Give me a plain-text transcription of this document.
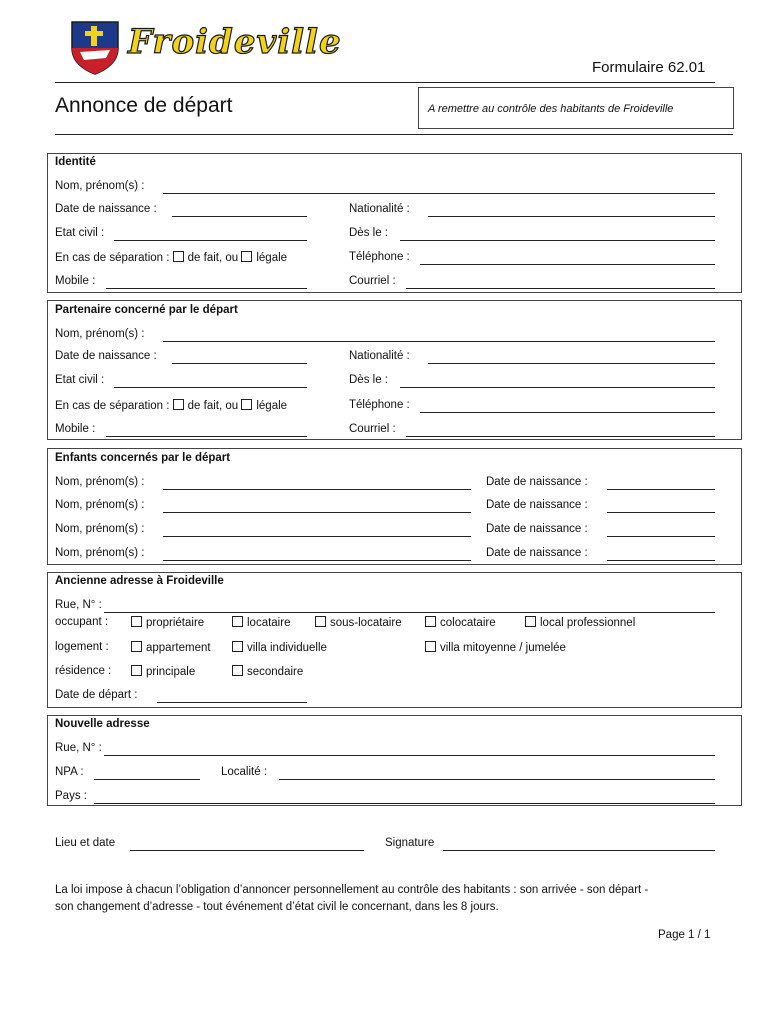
Froideville
Formulaire 62.01
Annonce de départ	A remettre au contrôle des habitants de Froideville
Identité
Nom, prénom(s) :
Date de naissance :	Nationalité :
Etat civil :	Dès le :
En cas de séparation : de fait, ou légale	Téléphone :
Mobile :	Courriel :
Partenaire concerné par le départ
Nom, prénom(s) :
Date de naissance :	Nationalité :
Etat civil :	Dès le :
En cas de séparation : de fait, ou légale	Téléphone :
Mobile :	Courriel :
Enfants concernés par le départ
Nom, prénom(s) :	Date de naissance :
Nom, prénom(s) :	Date de naissance :
Nom, prénom(s) :	Date de naissance :
Nom, prénom(s) :	Date de naissance :
Ancienne adresse à Froideville
Rue, N° :
occupant :	propriétaire	locataire	sous-locataire	colocataire	local professionnel
logement :	appartement	villa individuelle	villa mitoyenne / jumelée
résidence :	principale	secondaire
Date de départ :
Nouvelle adresse
Rue, N° :
NPA :	Localité :
Pays :
Lieu et date	Signature
La loi impose à chacun l’obligation d’annoncer personnellement au contrôle des habitants : son arrivée - son départ -
son changement d’adresse - tout événement d’état civil le concernant, dans les 8 jours.
Page 1 / 1
